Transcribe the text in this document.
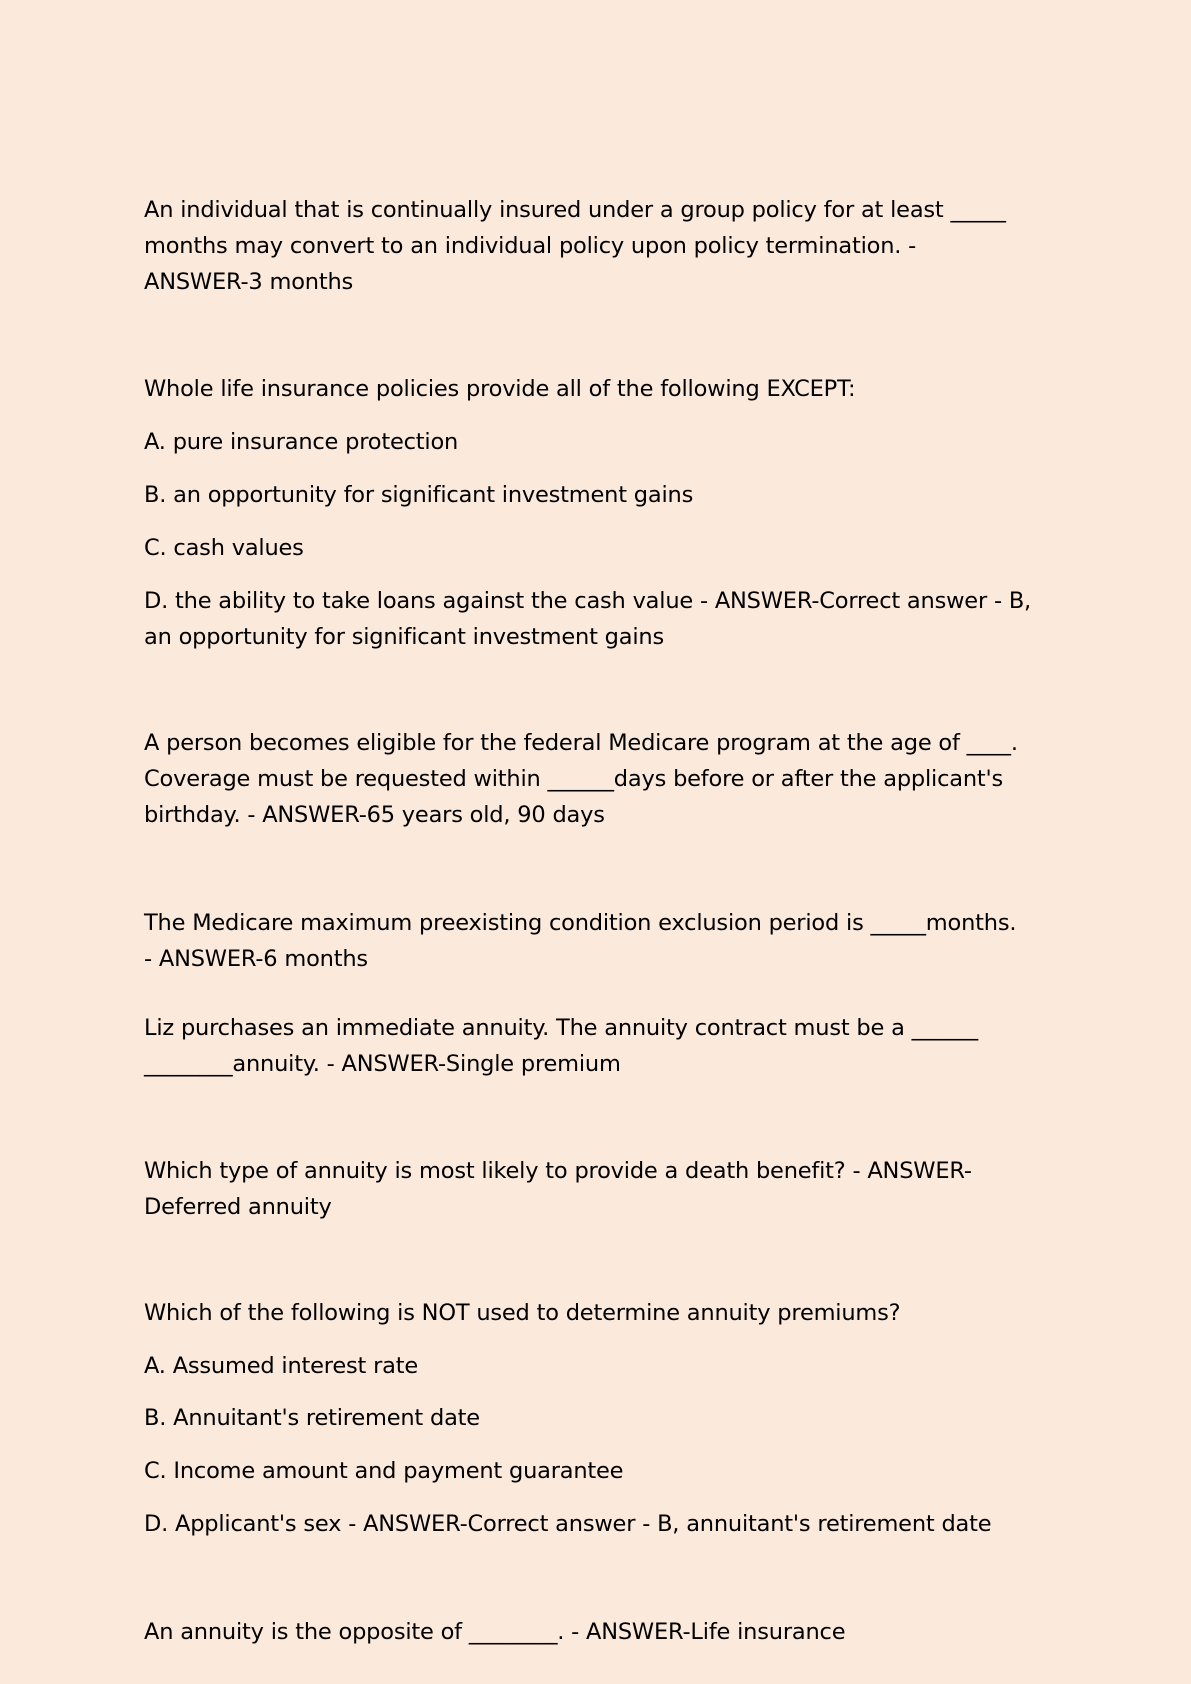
An individual that is continually insured under a group policy for at least _____
months may convert to an individual policy upon policy termination. -
ANSWER-3 months
Whole life insurance policies provide all of the following EXCEPT:
A. pure insurance protection
B. an opportunity for significant investment gains
C. cash values
D. the ability to take loans against the cash value - ANSWER-Correct answer - B,
an opportunity for significant investment gains
A person becomes eligible for the federal Medicare program at the age of ____.
Coverage must be requested within ______days before or after the applicant's
birthday. - ANSWER-65 years old, 90 days
The Medicare maximum preexisting condition exclusion period is _____months.
- ANSWER-6 months
Liz purchases an immediate annuity. The annuity contract must be a ______
________annuity. - ANSWER-Single premium
Which type of annuity is most likely to provide a death benefit? - ANSWER-
Deferred annuity
Which of the following is NOT used to determine annuity premiums?
A. Assumed interest rate
B. Annuitant's retirement date
C. Income amount and payment guarantee
D. Applicant's sex - ANSWER-Correct answer - B, annuitant's retirement date
An annuity is the opposite of ________. - ANSWER-Life insurance
